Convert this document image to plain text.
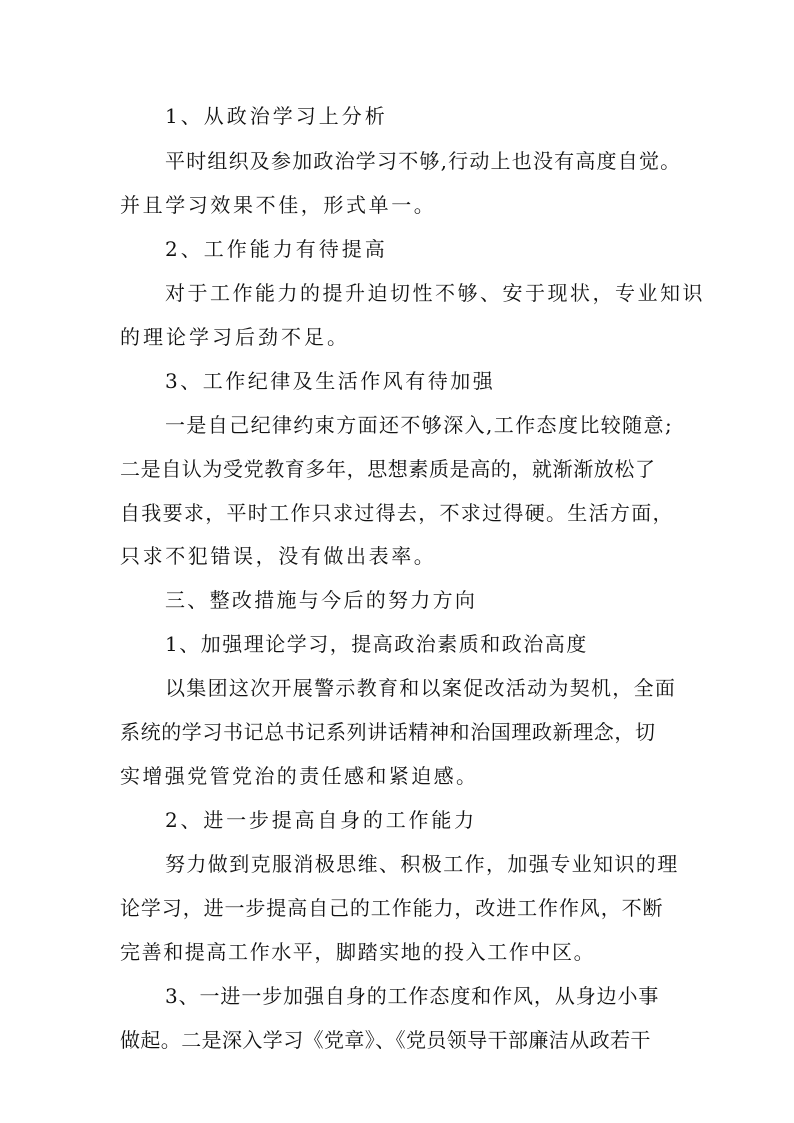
1、从政治学习上分析
平时组织及参加政治学习不够,行动上也没有高度自觉。
并且学习效果不佳，形式单一。
2、工作能力有待提高
对于工作能力的提升迫切性不够、安于现状，专业知识
的理论学习后劲不足。
3、工作纪律及生活作风有待加强
一是自己纪律约束方面还不够深入,工作态度比较随意;
二是自认为受党教育多年，思想素质是高的，就渐渐放松了
自我要求，平时工作只求过得去，不求过得硬。生活方面，
只求不犯错误，没有做出表率。
三、整改措施与今后的努力方向
1、加强理论学习，提高政治素质和政治高度
以集团这次开展警示教育和以案促改活动为契机，全面
系统的学习书记总书记系列讲话精神和治国理政新理念，切
实增强党管党治的责任感和紧迫感。
2、进一步提高自身的工作能力
努力做到克服消极思维、积极工作，加强专业知识的理
论学习，进一步提高自己的工作能力，改进工作作风，不断
完善和提高工作水平，脚踏实地的投入工作中区。
3、一进一步加强自身的工作态度和作风，从身边小事
做起。二是深入学习《党章》、《党员领导干部廉洁从政若干
